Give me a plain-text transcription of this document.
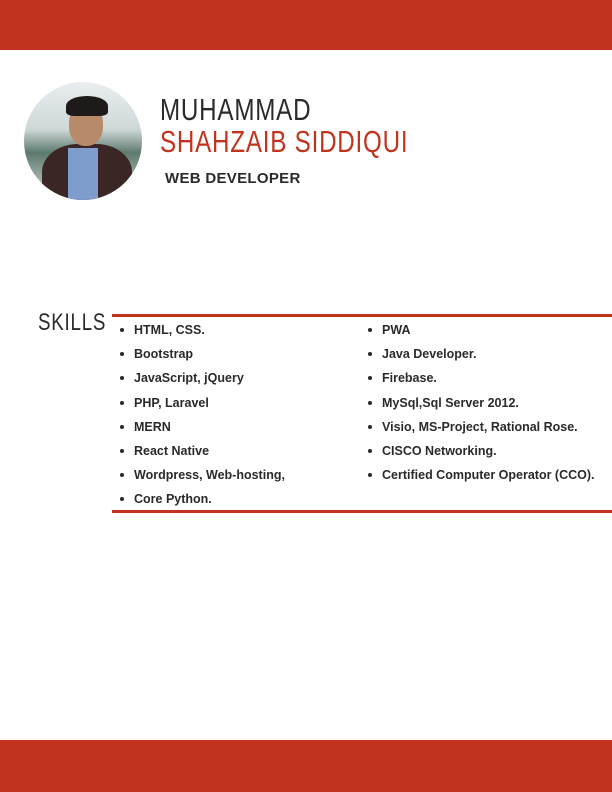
MUHAMMAD
SHAHZAIB SIDDIQUI
WEB DEVELOPER
SKILLS	HTML, CSS.
Bootstrap
JavaScript, jQuery
PHP, Laravel
MERN
React Native
Wordpress, Web-hosting,
Core Python.
PWA
Java Developer.
Firebase.
MySql,Sql Server 2012.
Visio, MS-Project, Rational Rose.
CISCO Networking.
Certified Computer Operator (CCO).
